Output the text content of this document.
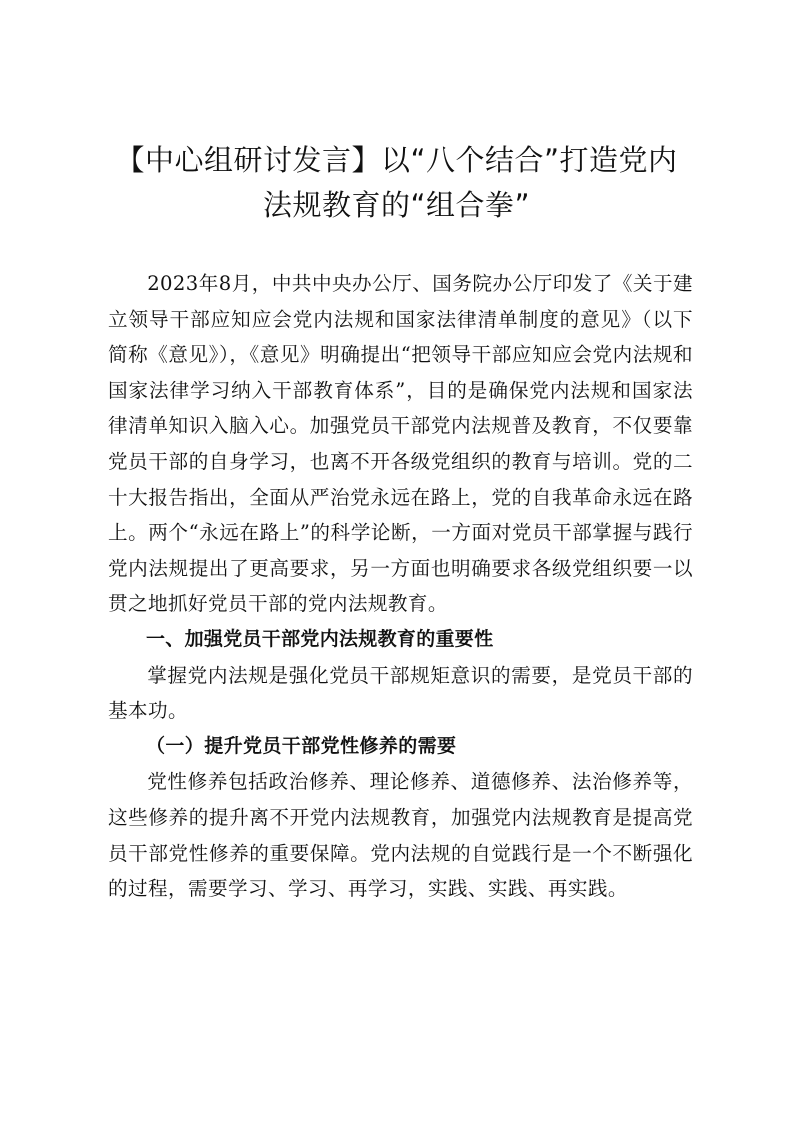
【中心组研讨发言】以“八个结合”打造党内
法规教育的“组合拳”

2023年8月，中共中央办公厅、国务院办公厅印发了《关于建立领导干部应知应会党内法规和国家法律清单制度的意见》（以下简称《意见》），《意见》明确提出“把领导干部应知应会党内法规和国家法律学习纳入干部教育体系”，目的是确保党内法规和国家法律清单知识入脑入心。加强党员干部党内法规普及教育，不仅要靠党员干部的自身学习，也离不开各级党组织的教育与培训。党的二十大报告指出，全面从严治党永远在路上，党的自我革命永远在路上。两个“永远在路上”的科学论断，一方面对党员干部掌握与践行党内法规提出了更高要求，另一方面也明确要求各级党组织要一以贯之地抓好党员干部的党内法规教育。

一、加强党员干部党内法规教育的重要性

掌握党内法规是强化党员干部规矩意识的需要，是党员干部的基本功。

（一）提升党员干部党性修养的需要

党性修养包括政治修养、理论修养、道德修养、法治修养等，这些修养的提升离不开党内法规教育，加强党内法规教育是提高党员干部党性修养的重要保障。党内法规的自觉践行是一个不断强化的过程，需要学习、学习、再学习，实践、实践、再实践。
